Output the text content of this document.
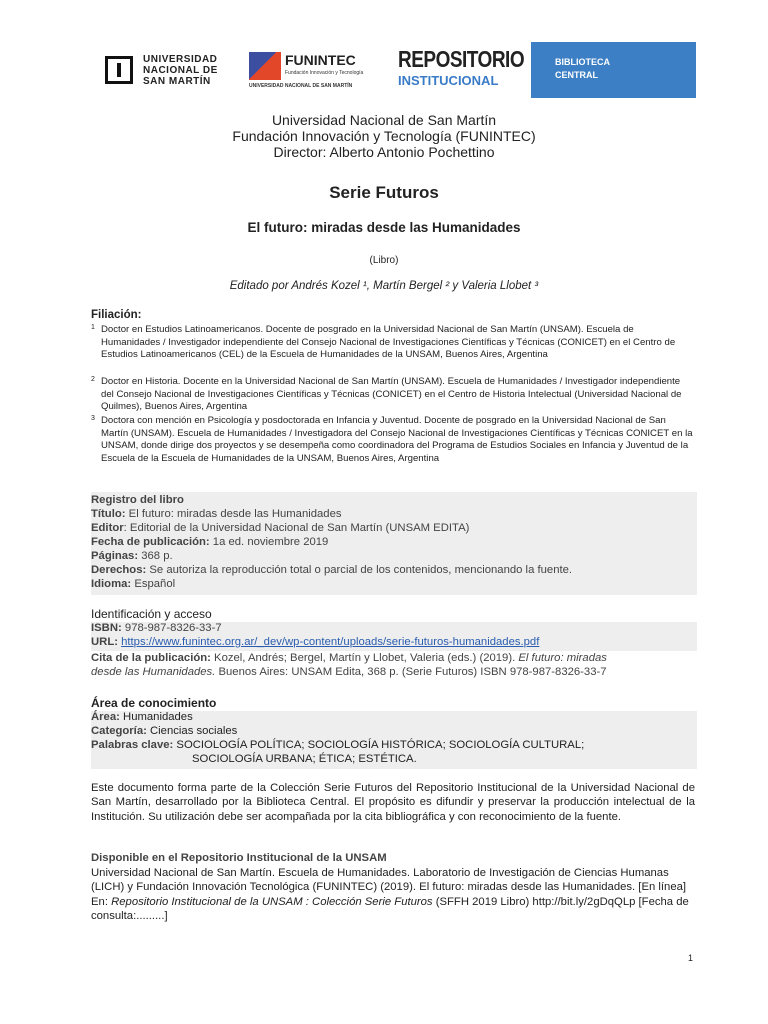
UNIVERSIDAD
NACIONAL DE
SAN MARTÍN
FUNINTEC
Fundación Innovación y Tecnología
UNIVERSIDAD NACIONAL DE SAN MARTÍN
REPOSITORIO
INSTITUCIONAL
BIBLIOTECA
CENTRAL
Universidad Nacional de San Martín
Fundación Innovación y Tecnología (FUNINTEC)
Director: Alberto Antonio Pochettino
Serie Futuros
El futuro: miradas desde las Humanidades
(Libro)
Editado por Andrés Kozel ¹, Martín Bergel ² y Valeria Llobet ³
Filiación:
1 Doctor en Estudios Latinoamericanos. Docente de posgrado en la Universidad Nacional de San Martín (UNSAM). Escuela de Humanidades / Investigador independiente del Consejo Nacional de Investigaciones Científicas y Técnicas (CONICET) en el Centro de Estudios Latinoamericanos (CEL) de la Escuela de Humanidades de la UNSAM, Buenos Aires, Argentina
2 Doctor en Historia. Docente en la Universidad Nacional de San Martín (UNSAM). Escuela de Humanidades / Investigador independiente del Consejo Nacional de Investigaciones Científicas y Técnicas (CONICET) en el Centro de Historia Intelectual (Universidad Nacional de Quilmes), Buenos Aires, Argentina
3 Doctora con mención en Psicología y posdoctorada en Infancia y Juventud. Docente de posgrado en la Universidad Nacional de San Martín (UNSAM). Escuela de Humanidades / Investigadora del Consejo Nacional de Investigaciones Científicas y Técnicas CONICET en la UNSAM, donde dirige dos proyectos y se desempeña como coordinadora del Programa de Estudios Sociales en Infancia y Juventud de la Escuela de la Escuela de Humanidades de la UNSAM, Buenos Aires, Argentina
Registro del libro
Título: El futuro: miradas desde las Humanidades
Editor: Editorial de la Universidad Nacional de San Martín (UNSAM EDITA)
Fecha de publicación: 1a ed. noviembre 2019
Páginas: 368 p.
Derechos: Se autoriza la reproducción total o parcial de los contenidos, mencionando la fuente.
Idioma: Español
Identificación y acceso
ISBN: 978-987-8326-33-7
URL: https://www.funintec.org.ar/_dev/wp-content/uploads/serie-futuros-humanidades.pdf
Cita de la publicación: Kozel, Andrés; Bergel, Martín y Llobet, Valeria (eds.) (2019). El futuro: miradas
desde las Humanidades. Buenos Aires: UNSAM Edita, 368 p. (Serie Futuros) ISBN 978-987-8326-33-7
Área de conocimiento
Área: Humanidades
Categoría: Ciencias sociales
Palabras clave: SOCIOLOGÍA POLÍTICA; SOCIOLOGÍA HISTÓRICA; SOCIOLOGÍA CULTURAL;
SOCIOLOGÍA URBANA; ÉTICA; ESTÉTICA.
Este documento forma parte de la Colección Serie Futuros del Repositorio Institucional de la Universidad Nacional de San Martín, desarrollado por la Biblioteca Central. El propósito es difundir y preservar la producción intelectual de la Institución. Su utilización debe ser acompañada por la cita bibliográfica y con reconocimiento de la fuente.
Disponible en el Repositorio Institucional de la UNSAM
Universidad Nacional de San Martín. Escuela de Humanidades. Laboratorio de Investigación de Ciencias Humanas (LICH) y Fundación Innovación Tecnológica (FUNINTEC) (2019). El futuro: miradas desde las Humanidades. [En línea] En: Repositorio Institucional de la UNSAM : Colección Serie Futuros (SFFH 2019 Libro) http://bit.ly/2gDqQLp [Fecha de consulta:.........]
1
